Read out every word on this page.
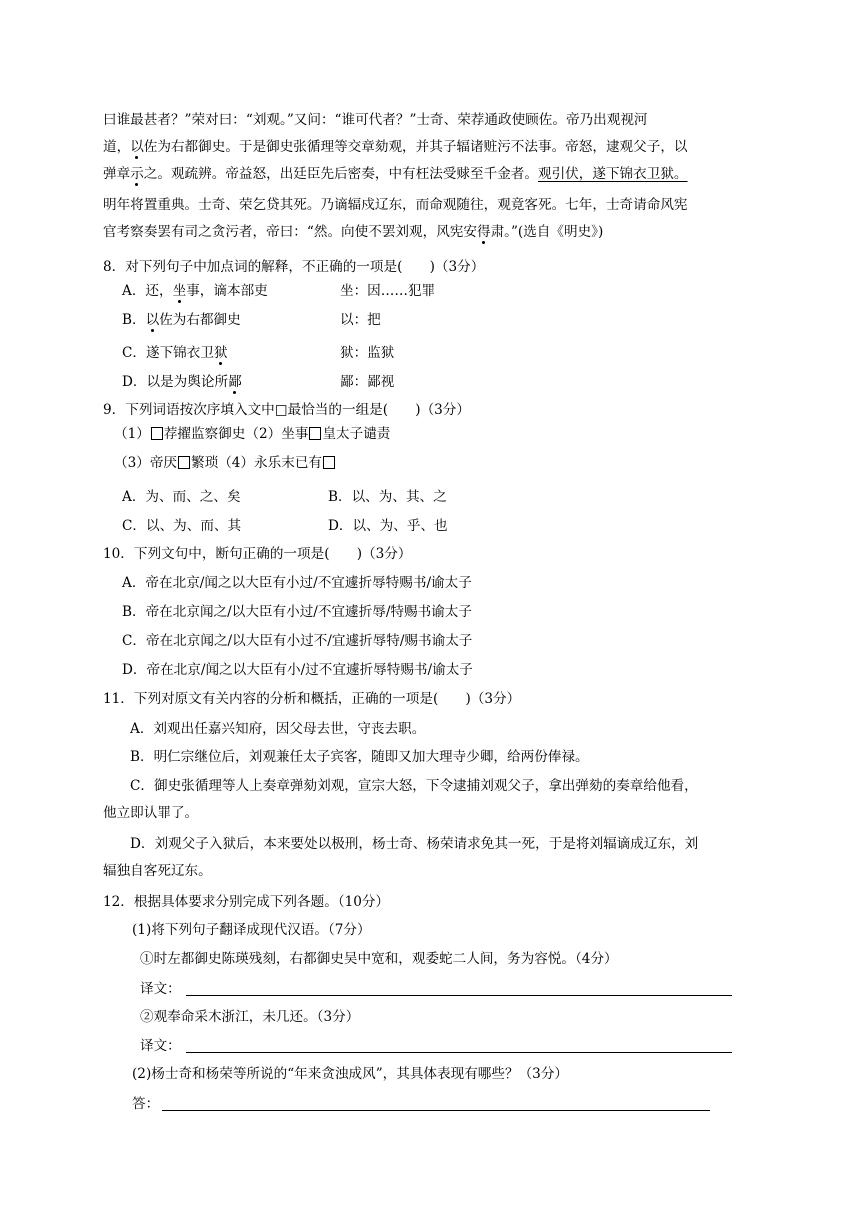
曰谁最甚者？”荣对曰：“刘观。”又问：“谁可代者？”士奇、荣荐通政使顾佐。帝乃出观视河
道，以佐为右都御史。于是御史张循理等交章劾观，并其子辐诸赃污不法事。帝怒，逮观父子，以
弹章示之。观疏辨。帝益怒，出廷臣先后密奏，中有枉法受赇至千金者。观引伏，遂下锦衣卫狱。
明年将置重典。士奇、荣乞贷其死。乃谪辐戍辽东，而命观随往，观竟客死。七年，士奇请命风宪
官考察奏罢有司之贪污者，帝曰：“然。向使不罢刘观，风宪安得肃。”(选自《明史》)
8．对下列句子中加点词的解释，不正确的一项是(　　)（3分）
A．还，坐事，谪本部吏	坐：因……犯罪
B．以佐为右都御史	以：把
C．遂下锦衣卫狱	狱：监狱
D．以是为舆论所鄙	鄙：鄙视
9．下列词语按次序填入文中□最恰当的一组是(　　)（3分）
（1） 荐擢监察御史（2）坐事 皇太子谴责
（3）帝厌 繁琐（4）永乐末已有
A．为、而、之、矣	B．以、为、其、之
C．以、为、而、其	D．以、为、乎、也
10．下列文句中，断句正确的一项是(　　)（3分）
A．帝在北京/闻之以大臣有小过/不宜遽折辱特赐书/谕太子
B．帝在北京闻之/以大臣有小过/不宜遽折辱/特赐书谕太子
C．帝在北京闻之/以大臣有小过不/宜遽折辱特/赐书谕太子
D．帝在北京/闻之以大臣有小/过不宜遽折辱特赐书/谕太子
11．下列对原文有关内容的分析和概括，正确的一项是(　　)（3分）
A．刘观出任嘉兴知府，因父母去世，守丧去职。
B．明仁宗继位后，刘观兼任太子宾客，随即又加大理寺少卿，给两份俸禄。
C．御史张循理等人上奏章弹劾刘观，宣宗大怒，下令逮捕刘观父子，拿出弹劾的奏章给他看，
他立即认罪了。
D．刘观父子入狱后，本来要处以极刑，杨士奇、杨荣请求免其一死，于是将刘辐谪成辽东，刘
辐独自客死辽东。
12．根据具体要求分别完成下列各题。（10分）
(1)将下列句子翻译成现代汉语。（7分）
①时左都御史陈瑛残刻，右都御史吴中宽和，观委蛇二人间，务为容悦。（4分）
译文：
②观奉命采木浙江，未几还。（3分）
译文：
(2)杨士奇和杨荣等所说的“年来贪浊成风”，其具体表现有哪些？（3分）
答：
